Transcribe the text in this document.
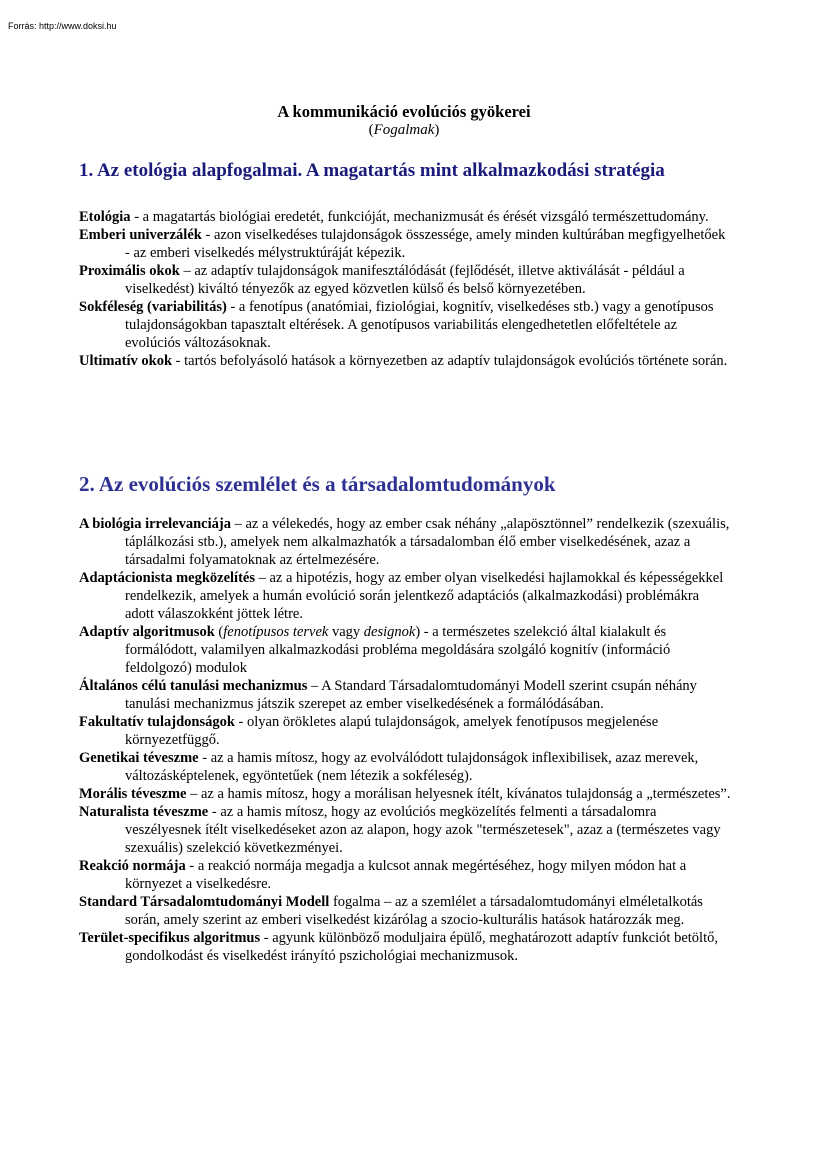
Forrás: http://www.doksi.hu
A kommunikáció evolúciós gyökerei
(Fogalmak)
1. Az etológia alapfogalmai. A magatartás mint alkalmazkodási stratégia

Etológia - a magatartás biológiai eredetét, funkcióját, mechanizmusát és érését vizsgáló természettudomány.

Emberi univerzálék - azon viselkedéses tulajdonságok összessége, amely minden kultúrában megfigyelhetőek - az emberi viselkedés mélystruktúráját képezik.

Proximális okok – az adaptív tulajdonságok manifesztálódását (fejlődését, illetve aktiválását - például a viselkedést) kiváltó tényezők az egyed közvetlen külső és belső környezetében.

Sokféleség (variabilitás) - a fenotípus (anatómiai, fiziológiai, kognitív, viselkedéses stb.) vagy a genotípusos tulajdonságokban tapasztalt eltérések. A genotípusos variabilitás elengedhetetlen előfeltétele az evolúciós változásoknak.

Ultimatív okok - tartós befolyásoló hatások a környezetben az adaptív tulajdonságok evolúciós története során.

2. Az evolúciós szemlélet és a társadalomtudományok

A biológia irrelevanciája – az a vélekedés, hogy az ember csak néhány „alapösztönnel” rendelkezik (szexuális, táplálkozási stb.), amelyek nem alkalmazhatók a társadalomban élő ember viselkedésének, azaz a társadalmi folyamatoknak az értelmezésére.

Adaptácionista megközelítés – az a hipotézis, hogy az ember olyan viselkedési hajlamokkal és képességekkel rendelkezik, amelyek a humán evolúció során jelentkező adaptációs (alkalmazkodási) problémákra adott válaszokként jöttek létre.

Adaptív algoritmusok (fenotípusos tervek vagy designok) - a természetes szelekció által kialakult és formálódott, valamilyen alkalmazkodási probléma megoldására szolgáló kognitív (információ feldolgozó) modulok

Általános célú tanulási mechanizmus – A Standard Társadalomtudományi Modell szerint csupán néhány tanulási mechanizmus játszik szerepet az ember viselkedésének a formálódásában.

Fakultatív tulajdonságok - olyan örökletes alapú tulajdonságok, amelyek fenotípusos megjelenése környezetfüggő.

Genetikai téveszme - az a hamis mítosz, hogy az evolválódott tulajdonságok inflexibilisek, azaz merevek, változásképtelenek, egyöntetűek (nem létezik a sokféleség).

Morális téveszme – az a hamis mítosz, hogy a morálisan helyesnek ítélt, kívánatos tulajdonság a „természetes”.

Naturalista téveszme - az a hamis mítosz, hogy az evolúciós megközelítés felmenti a társadalomra veszélyesnek ítélt viselkedéseket azon az alapon, hogy azok "természetesek", azaz a (természetes vagy szexuális) szelekció következményei.

Reakció normája - a reakció normája megadja a kulcsot annak megértéséhez, hogy milyen módon hat a környezet a viselkedésre.

Standard Társadalomtudományi Modell fogalma – az a szemlélet a társadalomtudományi elméletalkotás során, amely szerint az emberi viselkedést kizárólag a szocio-kulturális hatások határozzák meg.

Terület-specifikus algoritmus - agyunk különböző moduljaira épülő, meghatározott adaptív funkciót betöltő, gondolkodást és viselkedést irányító pszichológiai mechanizmusok.
